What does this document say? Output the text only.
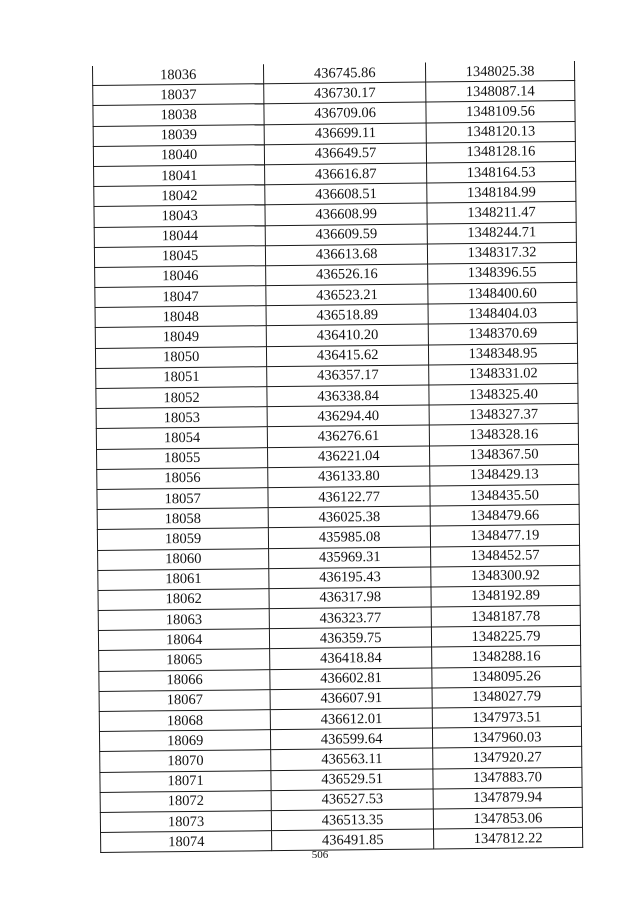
18036	436745.86	1348025.38
18037	436730.17	1348087.14
18038	436709.06	1348109.56
18039	436699.11	1348120.13
18040	436649.57	1348128.16
18041	436616.87	1348164.53
18042	436608.51	1348184.99
18043	436608.99	1348211.47
18044	436609.59	1348244.71
18045	436613.68	1348317.32
18046	436526.16	1348396.55
18047	436523.21	1348400.60
18048	436518.89	1348404.03
18049	436410.20	1348370.69
18050	436415.62	1348348.95
18051	436357.17	1348331.02
18052	436338.84	1348325.40
18053	436294.40	1348327.37
18054	436276.61	1348328.16
18055	436221.04	1348367.50
18056	436133.80	1348429.13
18057	436122.77	1348435.50
18058	436025.38	1348479.66
18059	435985.08	1348477.19
18060	435969.31	1348452.57
18061	436195.43	1348300.92
18062	436317.98	1348192.89
18063	436323.77	1348187.78
18064	436359.75	1348225.79
18065	436418.84	1348288.16
18066	436602.81	1348095.26
18067	436607.91	1348027.79
18068	436612.01	1347973.51
18069	436599.64	1347960.03
18070	436563.11	1347920.27
18071	436529.51	1347883.70
18072	436527.53	1347879.94
18073	436513.35	1347853.06
18074	436491.85	1347812.22
506
